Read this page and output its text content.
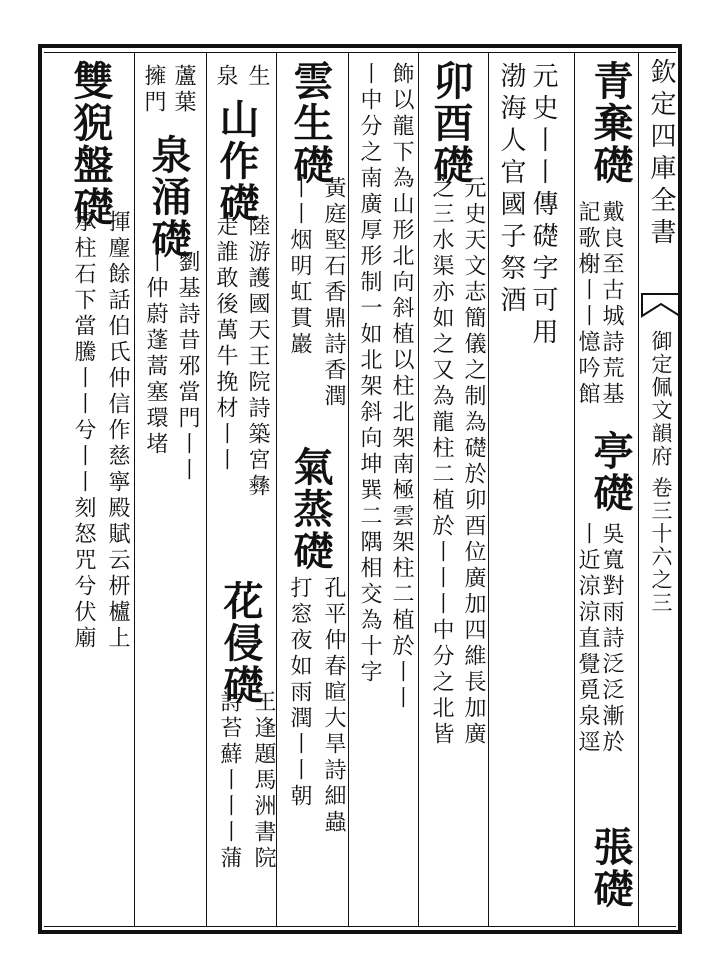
欽定四庫全書
御定佩文韻府 卷三十六之三
青棄礎
戴良至古城詩荒基
亭礎
吳寬對雨詩泛泛漸於
張礎
記歌榭丨丨憶吟館
丨近涼涼直覺覓泉逕
元史丨丨傳礎字可用
渤海人官國子祭酒
卯酉礎
元史天文志簡儀之制為礎於卯酉位廣加四維長加廣
之三水渠亦如之又為龍柱二植於丨丨丨中分之北皆
飾以龍下為山形北向斜植以柱北架南極雲架柱二植於丨丨
丨中分之南廣厚形制一如北架斜向坤巽二隅相交為十字
雲生礎
黃庭堅石香鼎詩香潤
氣蒸礎
孔平仲春暄大旱詩細蟲
丨丨烟明虹貫巖
打窓夜如雨潤丨丨朝
山作礎
生
泉
陸游護國天王院詩築宮彝
走誰敢後萬牛挽材丨丨
花侵礎
王逢題馬洲書院
詩苔蘚丨丨丨蒲
蘆葉
擁門
泉涌礎
劉基詩昔邪當門丨丨
丨仲蔚蓬蒿塞環堵
雙猊盤礎
揮麈餘話伯氏仲信作慈寧殿賦云枅櫨上
承柱石下當騰丨丨兮丨丨刻怒咒兮伏廟
